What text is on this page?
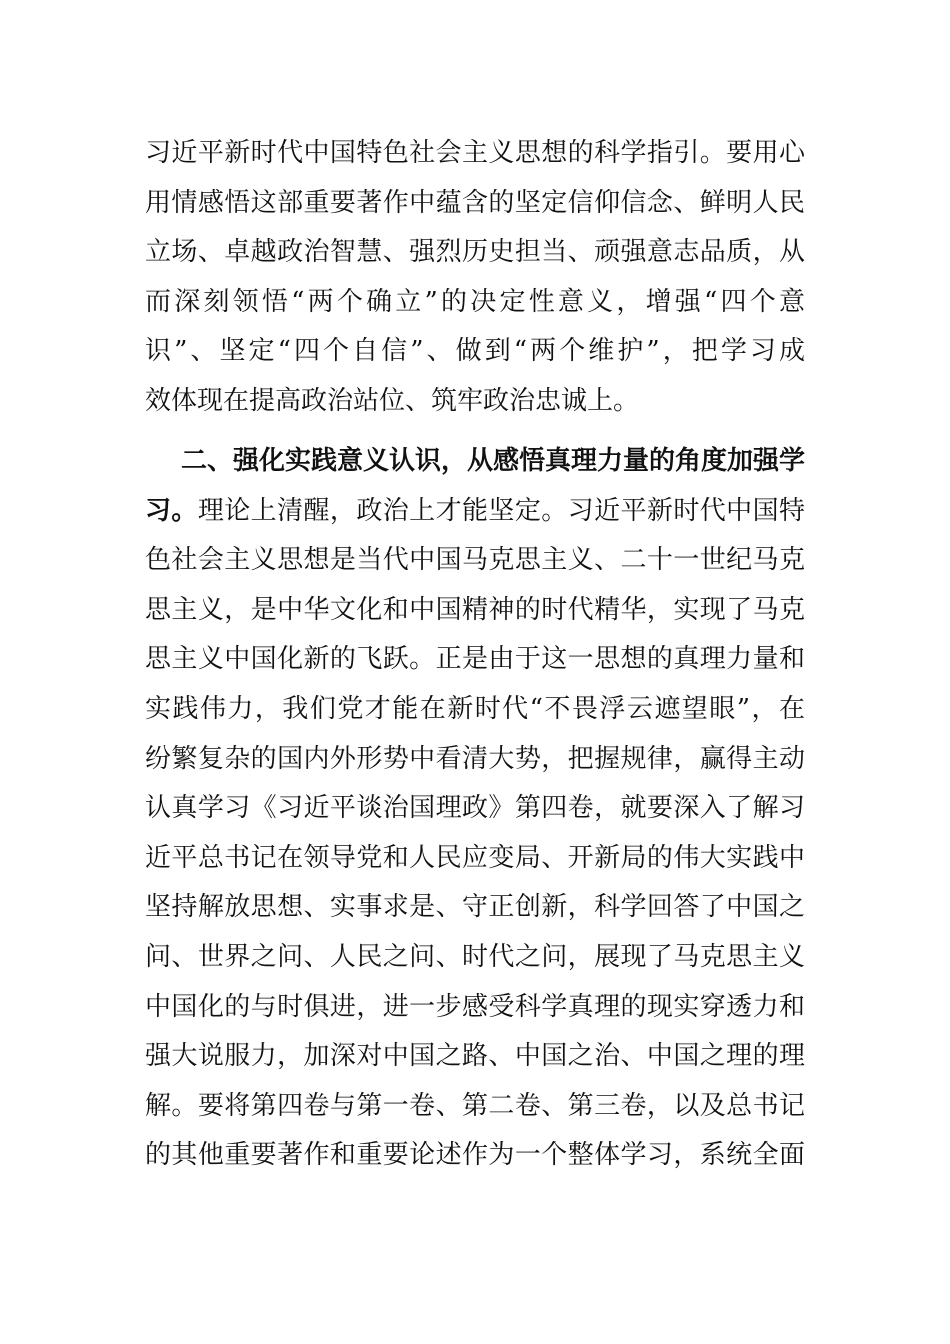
习近平新时代中国特色社会主义思想的科学指引。要用心
用情感悟这部重要著作中蕴含的坚定信仰信念、鲜明人民
立场、卓越政治智慧、强烈历史担当、顽强意志品质，从
而深刻领悟“两个确立”的决定性意义，增强“四个意
识”、坚定“四个自信”、做到“两个维护”，把学习成
效体现在提高政治站位、筑牢政治忠诚上。
二、强化实践意义认识，从感悟真理力量的角度加强学
习。理论上清醒，政治上才能坚定。习近平新时代中国特
色社会主义思想是当代中国马克思主义、二十一世纪马克
思主义，是中华文化和中国精神的时代精华，实现了马克
思主义中国化新的飞跃。正是由于这一思想的真理力量和
实践伟力，我们党才能在新时代“不畏浮云遮望眼”，在
纷繁复杂的国内外形势中看清大势，把握规律，赢得主动
认真学习《习近平谈治国理政》第四卷，就要深入了解习
近平总书记在领导党和人民应变局、开新局的伟大实践中
坚持解放思想、实事求是、守正创新，科学回答了中国之
问、世界之问、人民之问、时代之问，展现了马克思主义
中国化的与时俱进，进一步感受科学真理的现实穿透力和
强大说服力，加深对中国之路、中国之治、中国之理的理
解。要将第四卷与第一卷、第二卷、第三卷，以及总书记
的其他重要著作和重要论述作为一个整体学习，系统全面
